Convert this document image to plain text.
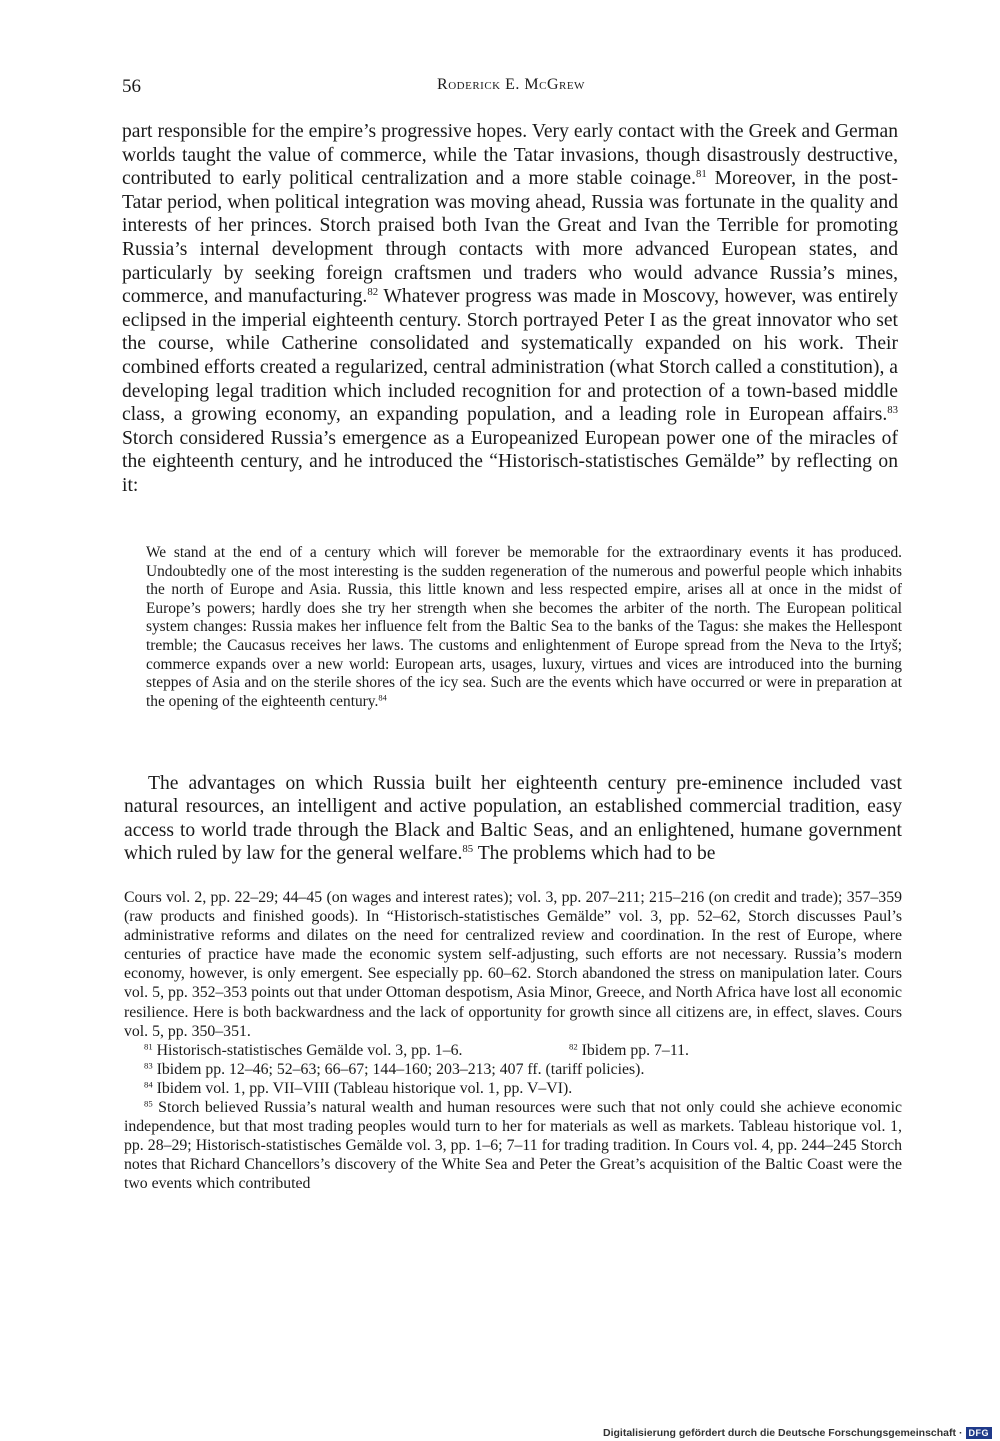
56	Roderick E. McGrew

part responsible for the empire’s progressive hopes. Very early contact with the Greek and German worlds taught the value of commerce, while the Tatar invasions, though disastrously destructive, contributed to early political centralization and a more stable coinage.$^{81}$ Moreover, in the post-Tatar period, when political integration was moving ahead, Russia was fortunate in the quality and interests of her princes. Storch praised both Ivan the Great and Ivan the Terrible for promoting Russia’s internal development through contacts with more advanced European states, and particularly by seeking foreign craftsmen und traders who would advance Russia’s mines, commerce, and manufacturing.$^{82}$ Whatever progress was made in Moscovy, however, was entirely eclipsed in the imperial eighteenth century. Storch portrayed Peter I as the great innovator who set the course, while Catherine consolidated and systematically expanded on his work. Their combined efforts created a regularized, central administration (what Storch called a constitution), a developing legal tradition which included recognition for and protection of a town-based middle class, a growing economy, an expanding population, and a leading role in European affairs.$^{83}$ Storch considered Russia’s emergence as a Europeanized European power one of the miracles of the eighteenth century, and he introduced the “Historisch-statistisches Gemälde” by reflecting on it:

We stand at the end of a century which will forever be memorable for the extraordinary events it has produced. Undoubtedly one of the most interesting is the sudden regeneration of the numerous and powerful people which inhabits the north of Europe and Asia. Russia, this little known and less respected empire, arises all at once in the midst of Europe’s powers; hardly does she try her strength when she becomes the arbiter of the north. The European political system changes: Russia makes her influence felt from the Baltic Sea to the banks of the Tagus: she makes the Hellespont tremble; the Caucasus receives her laws. The customs and enlightenment of Europe spread from the Neva to the Irtyš; commerce expands over a new world: European arts, usages, luxury, virtues and vices are introduced into the burning steppes of Asia and on the sterile shores of the icy sea. Such are the events which have occurred or were in preparation at the opening of the eighteenth century.$^{84}$

The advantages on which Russia built her eighteenth century pre-eminence included vast natural resources, an intelligent and active population, an established commercial tradition, easy access to world trade through the Black and Baltic Seas, and an enlightened, humane government which ruled by law for the general welfare.$^{85}$ The problems which had to be

Cours vol. 2, pp. 22–29; 44–45 (on wages and interest rates); vol. 3, pp. 207–211; 215–216 (on credit and trade); 357–359 (raw products and finished goods). In “Historisch-statistisches Gemälde” vol. 3, pp. 52–62, Storch discusses Paul’s administrative reforms and dilates on the need for centralized review and coordination. In the rest of Europe, where centuries of practice have made the economic system self-adjusting, such efforts are not necessary. Russia’s modern economy, however, is only emergent. See especially pp. 60–62. Storch abandoned the stress on manipulation later. Cours vol. 5, pp. 352–353 points out that under Ottoman despotism, Asia Minor, Greece, and North Africa have lost all economic resilience. Here is both backwardness and the lack of opportunity for growth since all citizens are, in effect, slaves. Cours vol. 5, pp. 350–351.

$^{81}$ Historisch-statistisches Gemälde vol. 3, pp. 1–6.	$^{82}$ Ibidem pp. 7–11.

$^{83}$ Ibidem pp. 12–46; 52–63; 66–67; 144–160; 203–213; 407 ff. (tariff policies).

$^{84}$ Ibidem vol. 1, pp. VII–VIII (Tableau historique vol. 1, pp. V–VI).

$^{85}$ Storch believed Russia’s natural wealth and human resources were such that not only could she achieve economic independence, but that most trading peoples would turn to her for materials as well as markets. Tableau historique vol. 1, pp. 28–29; Historisch-statistisches Gemälde vol. 3, pp. 1–6; 7–11 for trading tradition. In Cours vol. 4, pp. 244–245 Storch notes that Richard Chancellors’s discovery of the White Sea and Peter the Great’s acquisition of the Baltic Coast were the two events which contributed

Digitalisierung gefördert durch die Deutsche Forschungsgemeinschaft · DFG
